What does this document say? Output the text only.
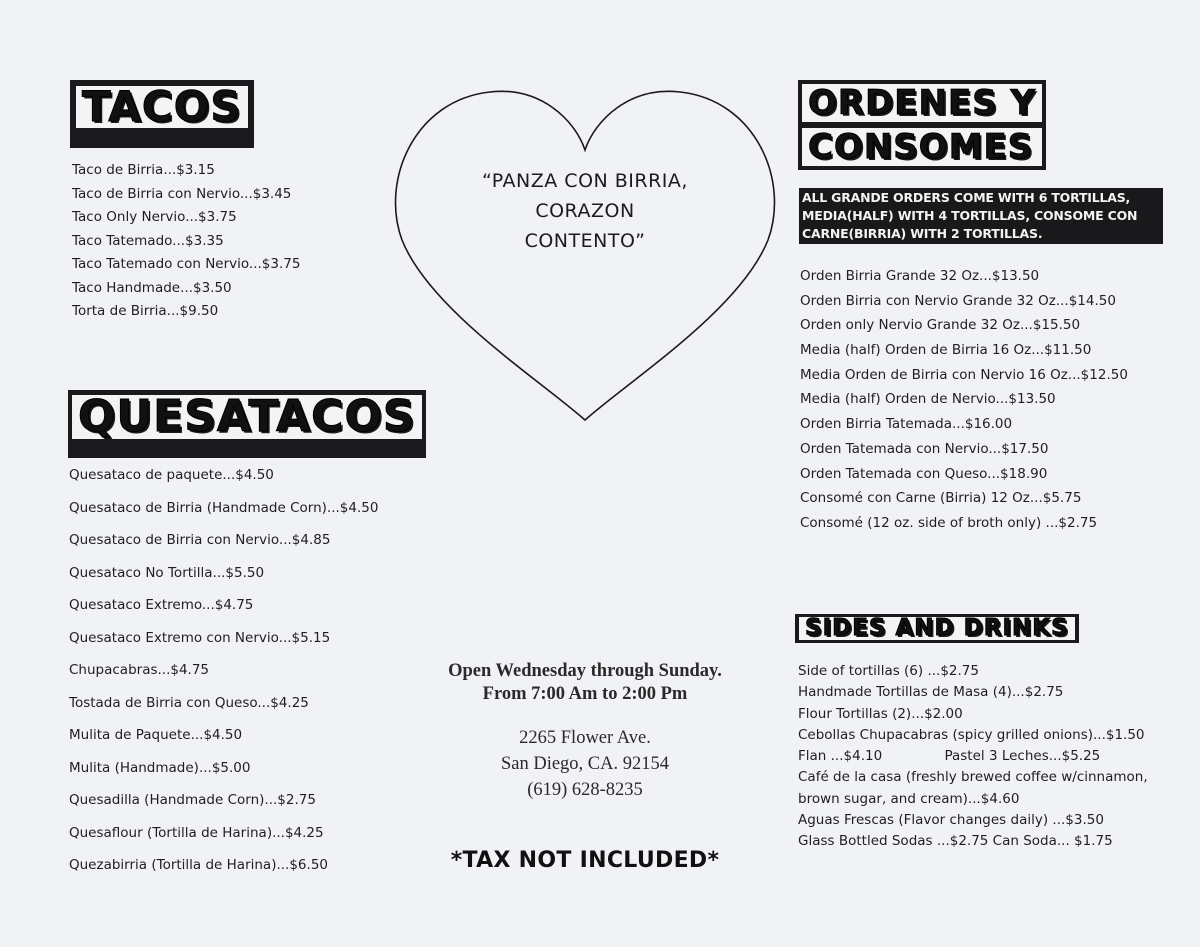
TACOS
Taco de Birria...$3.15
Taco de Birria con Nervio...$3.45
Taco Only Nervio...$3.75
Taco Tatemado...$3.35
Taco Tatemado con Nervio...$3.75
Taco Handmade...$3.50
Torta de Birria...$9.50
QUESATACOS
Quesataco de paquete...$4.50
Quesataco de Birria (Handmade Corn)...$4.50
Quesataco de Birria con Nervio...$4.85
Quesataco No Tortilla...$5.50
Quesataco Extremo...$4.75
Quesataco Extremo con Nervio...$5.15
Chupacabras...$4.75
Tostada de Birria con Queso...$4.25
Mulita de Paquete...$4.50
Mulita (Handmade)...$5.00
Quesadilla (Handmade Corn)...$2.75
Quesaflour (Tortilla de Harina)...$4.25
Quezabirria (Tortilla de Harina)...$6.50
“PANZA CON BIRRIA,
CORAZON
CONTENTO”
Open Wednesday through Sunday.
From 7:00 Am to 2:00 Pm
2265 Flower Ave.
San Diego, CA. 92154
(619) 628-8235
*TAX NOT INCLUDED*
ORDENES Y
CONSOMES
ALL GRANDE ORDERS COME WITH 6 TORTILLAS, MEDIA(HALF) WITH 4 TORTILLAS, CONSOME CON CARNE(BIRRIA) WITH 2 TORTILLAS.
Orden Birria Grande 32 Oz...$13.50
Orden Birria con Nervio Grande 32 Oz...$14.50
Orden only Nervio Grande 32 Oz...$15.50
Media (half) Orden de Birria 16 Oz...$11.50
Media Orden de Birria con Nervio 16 Oz...$12.50
Media (half) Orden de Nervio...$13.50
Orden Birria Tatemada...$16.00
Orden Tatemada con Nervio...$17.50
Orden Tatemada con Queso...$18.90
Consomé con Carne (Birria) 12 Oz...$5.75
Consomé (12 oz. side of broth only) ...$2.75
SIDES AND DRINKS
Side of tortillas (6) ...$2.75
Handmade Tortillas de Masa (4)...$2.75
Flour Tortillas (2)...$2.00
Cebollas Chupacabras (spicy grilled onions)...$1.50
Flan ...$4.10	Pastel 3 Leches...$5.25
Café de la casa (freshly brewed coffee w/cinnamon,
brown sugar, and cream)...$4.60
Aguas Frescas (Flavor changes daily) ...$3.50
Glass Bottled Sodas ...$2.75 Can Soda... $1.75
